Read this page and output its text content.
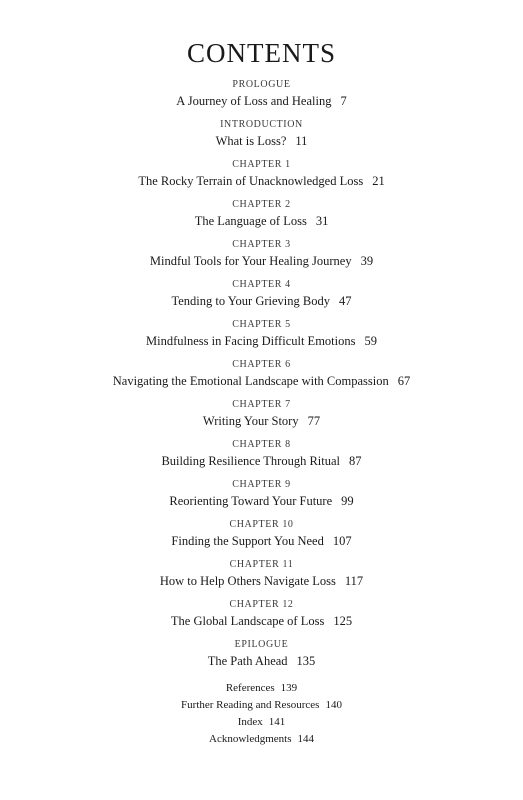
CONTENTS
PROLOGUE
A Journey of Loss and Healing 7
INTRODUCTION
What is Loss? 11
CHAPTER 1
The Rocky Terrain of Unacknowledged Loss 21
CHAPTER 2
The Language of Loss 31
CHAPTER 3
Mindful Tools for Your Healing Journey 39
CHAPTER 4
Tending to Your Grieving Body 47
CHAPTER 5
Mindfulness in Facing Difficult Emotions 59
CHAPTER 6
Navigating the Emotional Landscape with Compassion 67
CHAPTER 7
Writing Your Story 77
CHAPTER 8
Building Resilience Through Ritual 87
CHAPTER 9
Reorienting Toward Your Future 99
CHAPTER 10
Finding the Support You Need 107
CHAPTER 11
How to Help Others Navigate Loss 117
CHAPTER 12
The Global Landscape of Loss 125
EPILOGUE
The Path Ahead 135
References 139
Further Reading and Resources 140
Index 141
Acknowledgments 144
